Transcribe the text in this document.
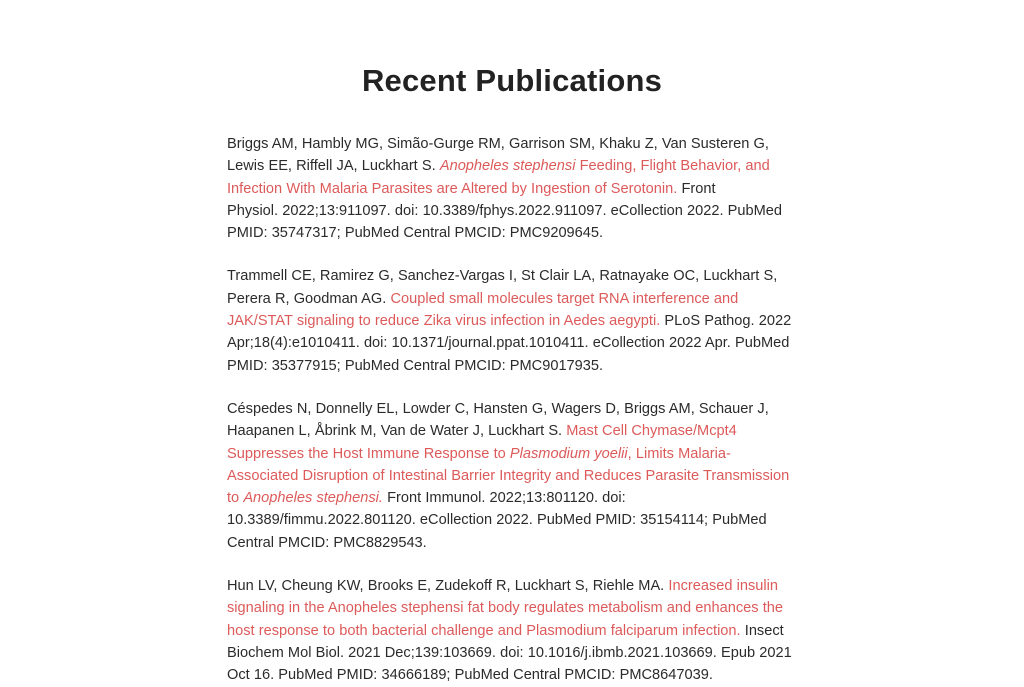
Recent Publications

Briggs AM, Hambly MG, Simão-Gurge RM, Garrison SM, Khaku Z, Van Susteren G, Lewis EE, Riffell JA, Luckhart S. Anopheles stephensi Feeding, Flight Behavior, and Infection With Malaria Parasites are Altered by Ingestion of Serotonin. Front
Physiol. 2022;13:911097. doi: 10.3389/fphys.2022.911097. eCollection 2022. PubMed PMID: 35747317; PubMed Central PMCID: PMC9209645.

Trammell CE, Ramirez G, Sanchez-Vargas I, St Clair LA, Ratnayake OC, Luckhart S, Perera R, Goodman AG. Coupled small molecules target RNA interference and JAK/STAT signaling to reduce Zika virus infection in Aedes aegypti. PLoS Pathog. 2022 Apr;18(4):e1010411. doi: 10.1371/journal.ppat.1010411. eCollection 2022 Apr. PubMed PMID: 35377915; PubMed Central PMCID: PMC9017935.

Céspedes N, Donnelly EL, Lowder C, Hansten G, Wagers D, Briggs AM, Schauer J, Haapanen L, Åbrink M, Van de Water J, Luckhart S. Mast Cell Chymase/Mcpt4 Suppresses the Host Immune Response to Plasmodium yoelii, Limits Malaria-Associated Disruption of Intestinal Barrier Integrity and Reduces Parasite Transmission to Anopheles stephensi. Front Immunol. 2022;13:801120. doi:
10.3389/fimmu.2022.801120. eCollection 2022. PubMed PMID: 35154114; PubMed Central PMCID: PMC8829543.

Hun LV, Cheung KW, Brooks E, Zudekoff R, Luckhart S, Riehle MA. Increased insulin signaling in the Anopheles stephensi fat body regulates metabolism and enhances the host response to both bacterial challenge and Plasmodium falciparum infection. Insect Biochem Mol Biol. 2021 Dec;139:103669. doi: 10.1016/j.ibmb.2021.103669. Epub 2021 Oct 16. PubMed PMID: 34666189; PubMed Central PMCID: PMC8647039.
